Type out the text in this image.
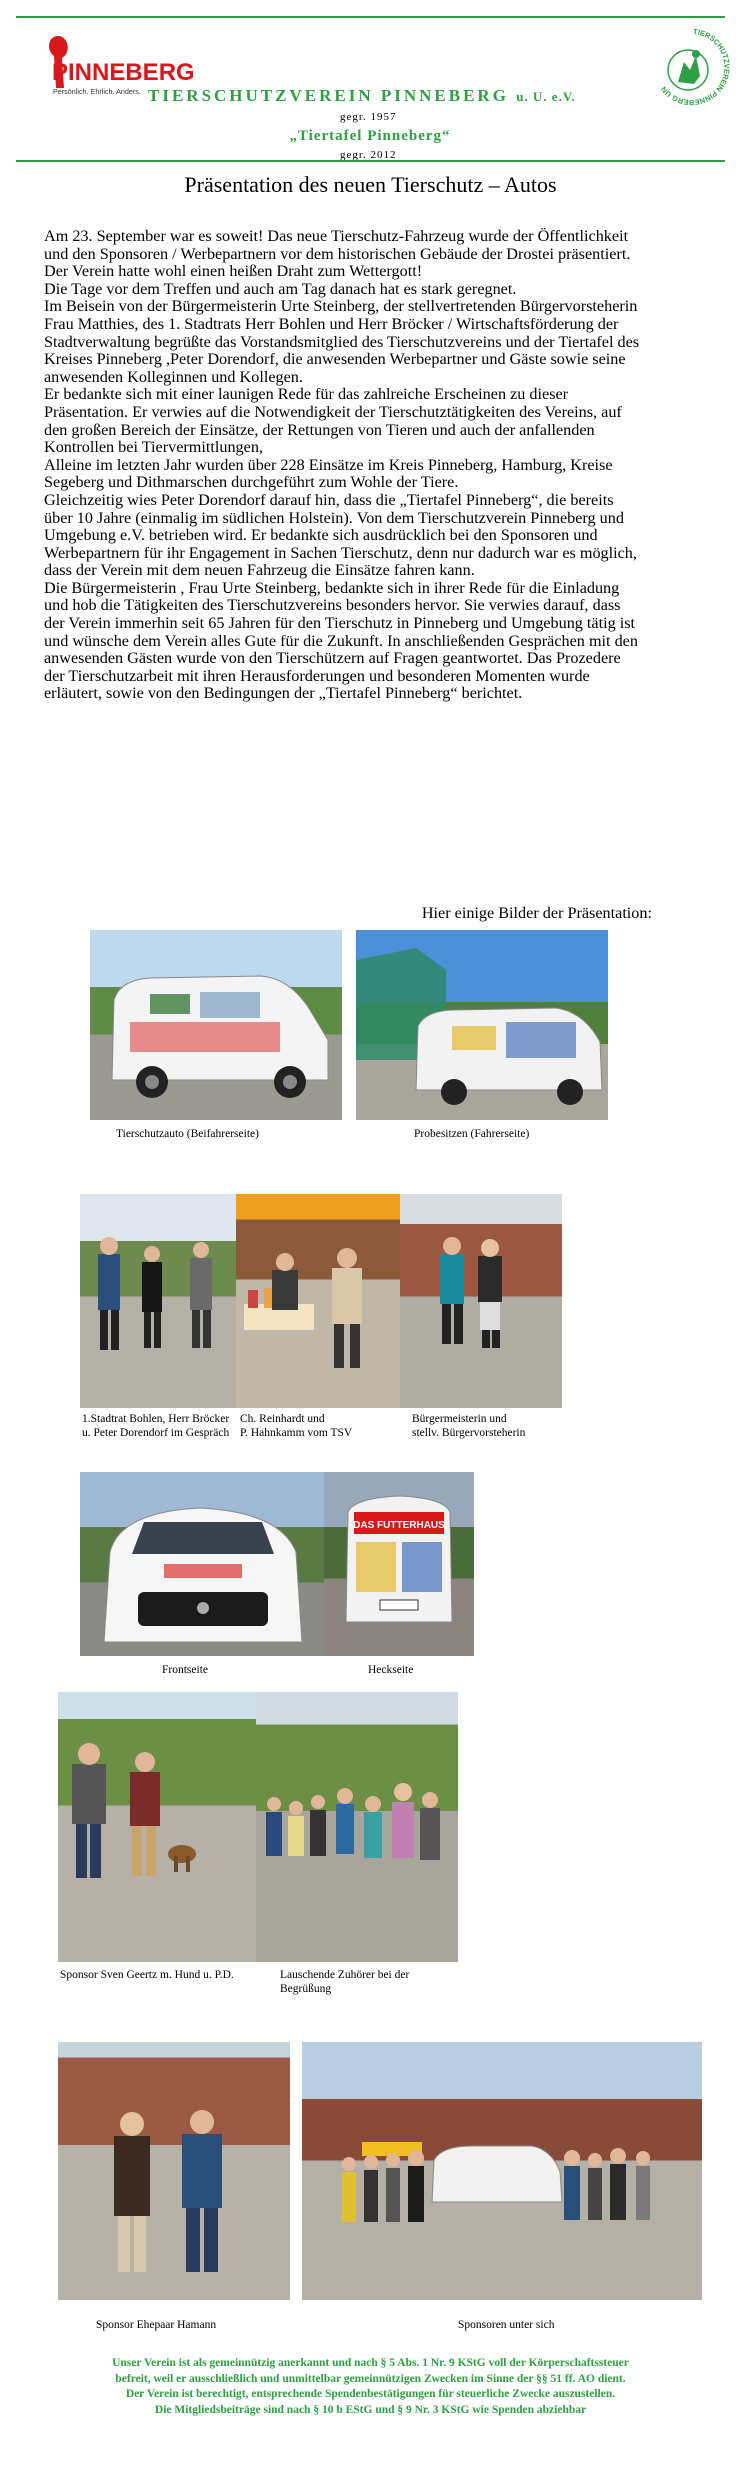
PINNEBERG
Persönlich. Ehrlich. Anders. TIERSCHUTZVEREIN PINNEBERG u. U. e.V.
gegr. 1957
„Tiertafel Pinneberg“
gegr. 2012
TIERSCHUTZVEREIN PINNEBERG UN
Präsentation des neuen Tierschutz – Autos

Am 23. September war es soweit! Das neue Tierschutz-Fahrzeug wurde der Öffentlichkeit und den Sponsoren / Werbepartnern vor dem historischen Gebäude der Drostei präsentiert.

Der Verein hatte wohl einen heißen Draht zum Wettergott!

Die Tage vor dem Treffen und auch am Tag danach hat es stark geregnet.

Im Beisein von der Bürgermeisterin Urte Steinberg, der stellvertretenden Bürgervorsteherin Frau Matthies, des 1. Stadtrats Herr Bohlen und Herr Bröcker / Wirtschaftsförderung der Stadtverwaltung begrüßte das Vorstandsmitglied des Tierschutzvereins und der Tiertafel des Kreises Pinneberg ,Peter Dorendorf, die anwesenden Werbepartner und Gäste sowie seine anwesenden Kolleginnen und Kollegen.

Er bedankte sich mit einer launigen Rede für das zahlreiche Erscheinen zu dieser Präsentation. Er verwies auf die Notwendigkeit der Tierschutztätigkeiten des Vereins, auf den großen Bereich der Einsätze, der Rettungen von Tieren und auch der anfallenden Kontrollen bei Tiervermittlungen,

Alleine im letzten Jahr wurden über 228 Einsätze im Kreis Pinneberg, Hamburg, Kreise Segeberg und Dithmarschen durchgeführt zum Wohle der Tiere.

Gleichzeitig wies Peter Dorendorf darauf hin, dass die „Tiertafel Pinneberg“, die bereits über 10 Jahre (einmalig im südlichen Holstein). Von dem Tierschutzverein Pinneberg und Umgebung e.V. betrieben wird. Er bedankte sich ausdrücklich bei den Sponsoren und Werbepartnern für ihr Engagement in Sachen Tierschutz, denn nur dadurch war es möglich, dass der Verein mit dem neuen Fahrzeug die Einsätze fahren kann.

Die Bürgermeisterin , Frau Urte Steinberg, bedankte sich in ihrer Rede für die Einladung und hob die Tätigkeiten des Tierschutzvereins besonders hervor. Sie verwies darauf, dass der Verein immerhin seit 65 Jahren für den Tierschutz in Pinneberg und Umgebung tätig ist und wünsche dem Verein alles Gute für die Zukunft. In anschließenden Gesprächen mit den anwesenden Gästen wurde von den Tierschützern auf Fragen geantwortet. Das Prozedere der Tierschutzarbeit mit ihren Herausforderungen und besonderen Momenten wurde erläutert, sowie von den Bedingungen der „Tiertafel Pinneberg“ berichtet.

Hier einige Bilder der Präsentation:
Tierschutzauto (Beifahrerseite)	Probesitzen (Fahrerseite)
1.Stadtrat Bohlen, Herr Bröcker
u. Peter Dorendorf im Gespräch
Ch. Reinhardt und
P. Hahnkamm vom TSV
Bürgermeisterin und
stellv. Bürgervorsteherin
DAS FUTTERHAUS
Frontseite	Heckseite
Sponsor Sven Geertz m. Hund u. P.D.	Lauschende Zuhörer bei der
Begrüßung
Sponsor Ehepaar Hamann	Sponsoren unter sich

Unser Verein ist als gemeinnützig anerkannt und nach § 5 Abs. 1 Nr. 9 KStG voll der Körperschaftssteuer

befreit, weil er ausschließlich und unmittelbar gemeinnützigen Zwecken im Sinne der §§ 51 ff. AO dient.

Der Verein ist berechtigt, entsprechende Spendenbestätigungen für steuerliche Zwecke auszustellen.

Die Mitgliedsbeiträge sind nach § 10 b EStG und § 9 Nr. 3 KStG wie Spenden abziehbar
